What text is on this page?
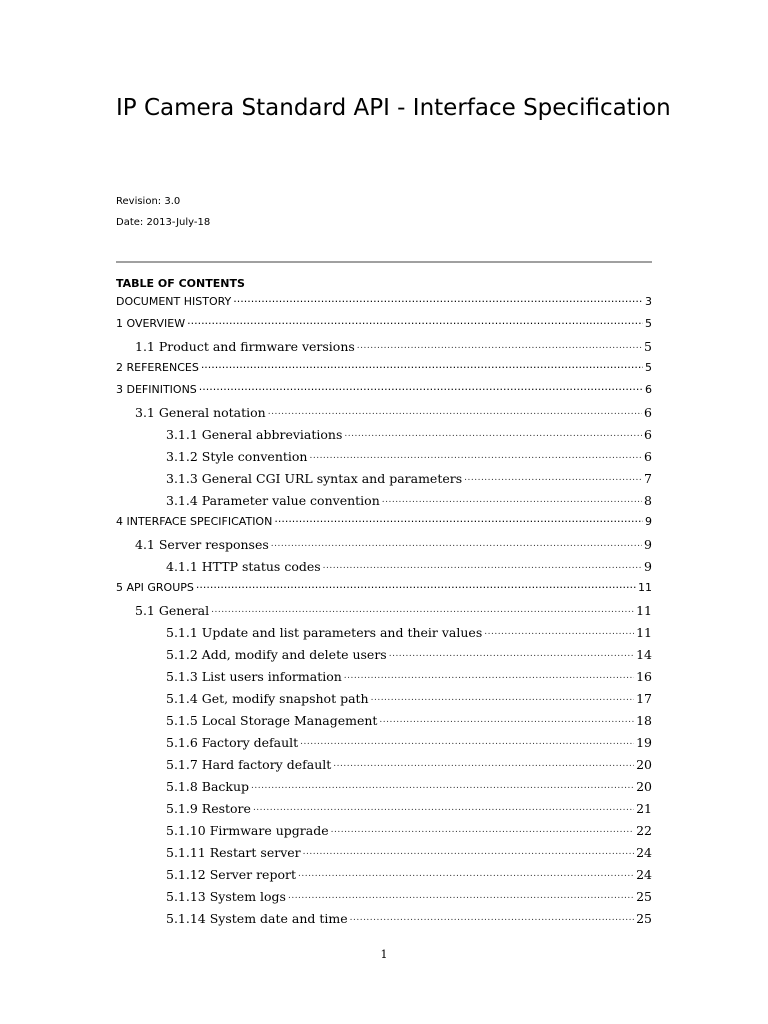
IP Camera Standard API - Interface Specification
Revision: 3.0
Date: 2013-July-18
TABLE OF CONTENTS
DOCUMENT HISTORY .....	3
1 OVERVIEW .....	5
1.1 Product and firmware versions .....	5
2 REFERENCES .....	5
3 DEFINITIONS .....	6
3.1 General notation .....	6
3.1.1 General abbreviations .....	6
3.1.2 Style convention .....	6
3.1.3 General CGI URL syntax and parameters .....	7
3.1.4 Parameter value convention .....	8
4 INTERFACE SPECIFICATION .....	9
4.1 Server responses .....	9
4.1.1 HTTP status codes .....	9
5 API GROUPS .....	11
5.1 General .....	11
5.1.1 Update and list parameters and their values .....	11
5.1.2 Add, modify and delete users .....	14
5.1.3 List users information .....	16
5.1.4 Get, modify snapshot path .....	17
5.1.5 Local Storage Management .....	18
5.1.6 Factory default .....	19
5.1.7 Hard factory default .....	20
5.1.8 Backup .....	20
5.1.9 Restore .....	21
5.1.10 Firmware upgrade .....	22
5.1.11 Restart server .....	24
5.1.12 Server report .....	24
5.1.13 System logs .....	25
5.1.14 System date and time .....	25
1
